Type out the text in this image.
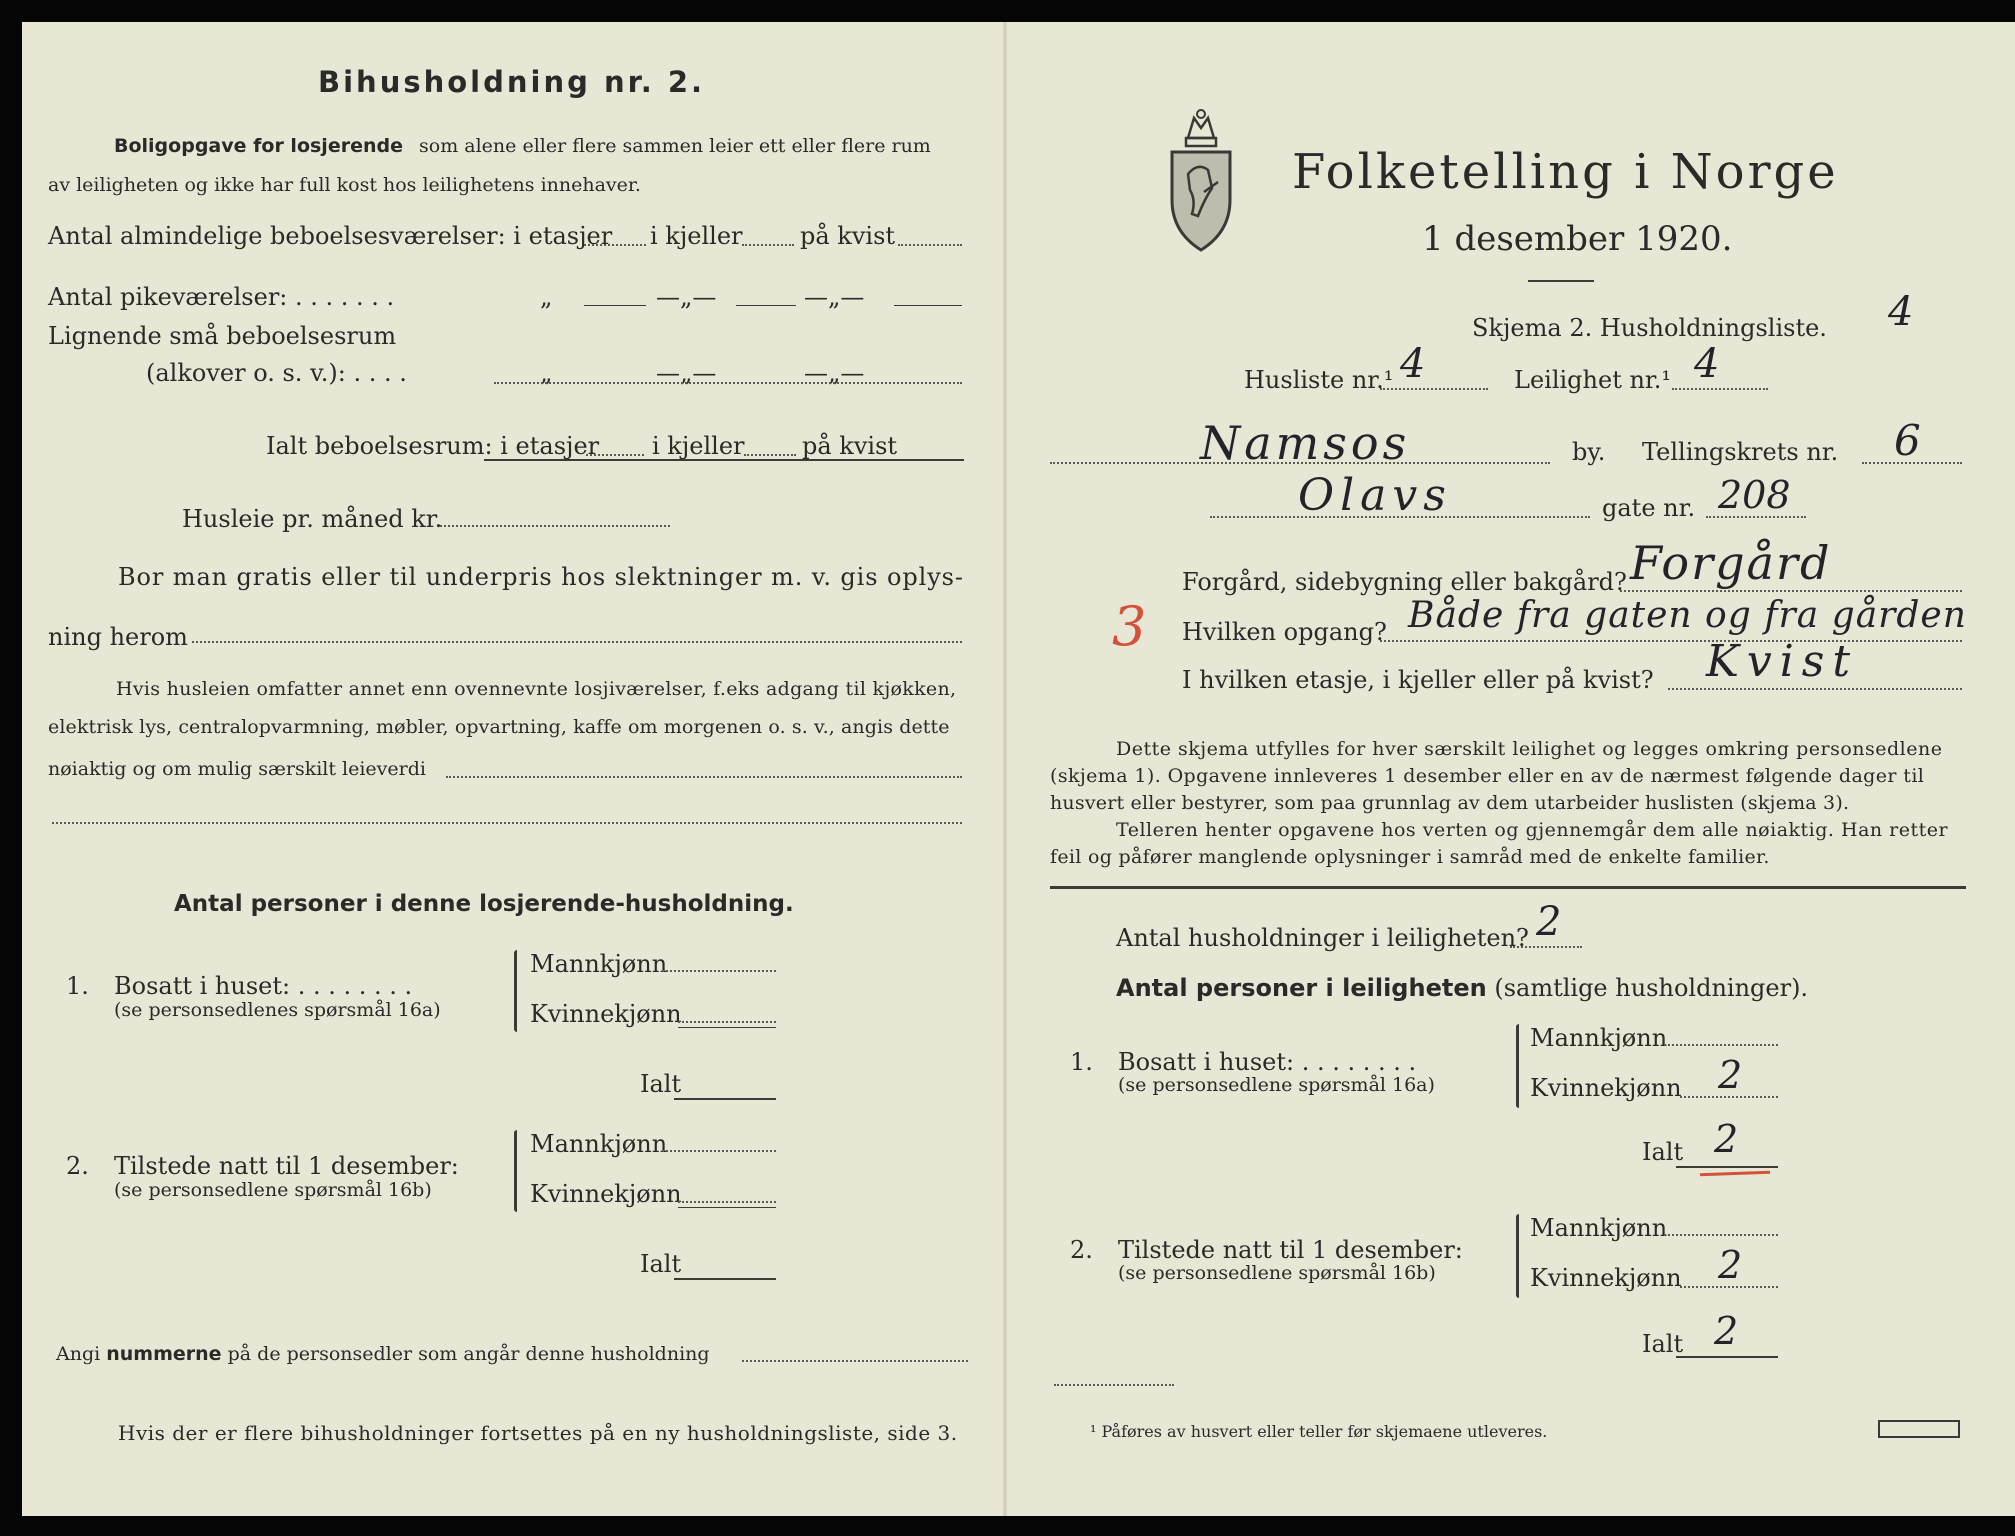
Bihusholdning nr. 2.
Boligopgave for losjerende som alene eller flere sammen leier ett eller flere rum
av leiligheten og ikke har full kost hos leilighetens innehaver.
Antal almindelige beboelsesværelser: i etasjer i kjeller på kvist
Antal pikeværelser: . . . . . . .	„	—„—	—„—
Lignende små beboelsesrum
(alkover o. s. v.): . . . .	„	—„—	—„—
Ialt beboelsesrum: i etasjer i kjeller på kvist
Husleie pr. måned kr.
Bor man gratis eller til underpris hos slektninger m. v. gis oplys-
ning herom
Hvis husleien omfatter annet enn ovennevnte losjiværelser, f.eks adgang til kjøkken,
elektrisk lys, centralopvarmning, møbler, opvartning, kaffe om morgenen o. s. v., angis dette
nøiaktig og om mulig særskilt leieverdi
Antal personer i denne losjerende-husholdning.
1. Bosatt i huset: . . . . . . . .
(se personsedlenes spørsmål 16a)
Mannkjønn
Kvinnekjønn
Ialt
2. Tilstede natt til 1 desember:
(se personsedlene spørsmål 16b)
Mannkjønn
Kvinnekjønn
Ialt
Angi nummerne på de personsedler som angår denne husholdning
Hvis der er flere bihusholdninger fortsettes på en ny husholdningsliste, side 3.
Folketelling i Norge
1 desember 1920.
Skjema 2. Husholdningsliste. 4
Husliste nr.¹ 4	Leilighet nr.¹ 4
Namsos	by. Tellingskrets nr. 6
Olavs	gate nr. 208
Forgård, sidebygning eller bakgård? Forgård
3 Hvilken opgang? Både fra gaten og fra gården
I hvilken etasje, i kjeller eller på kvist? Kvist
Dette skjema utfylles for hver særskilt leilighet og legges omkring personsedlene
(skjema 1). Opgavene innleveres 1 desember eller en av de nærmest følgende dager til
husvert eller bestyrer, som paa grunnlag av dem utarbeider huslisten (skjema 3).
Telleren henter opgavene hos verten og gjennemgår dem alle nøiaktig. Han retter
feil og påfører manglende oplysninger i samråd med de enkelte familier.
Antal husholdninger i leiligheten? 2
Antal personer i leiligheten (samtlige husholdninger).
1. Bosatt i huset: . . . . . . . .
(se personsedlene spørsmål 16a)
Mannkjønn
Kvinnekjønn 2
Ialt 2
2. Tilstede natt til 1 desember:
(se personsedlene spørsmål 16b)
Mannkjønn
Kvinnekjønn 2
Ialt 2
¹ Påføres av husvert eller teller før skjemaene utleveres.
